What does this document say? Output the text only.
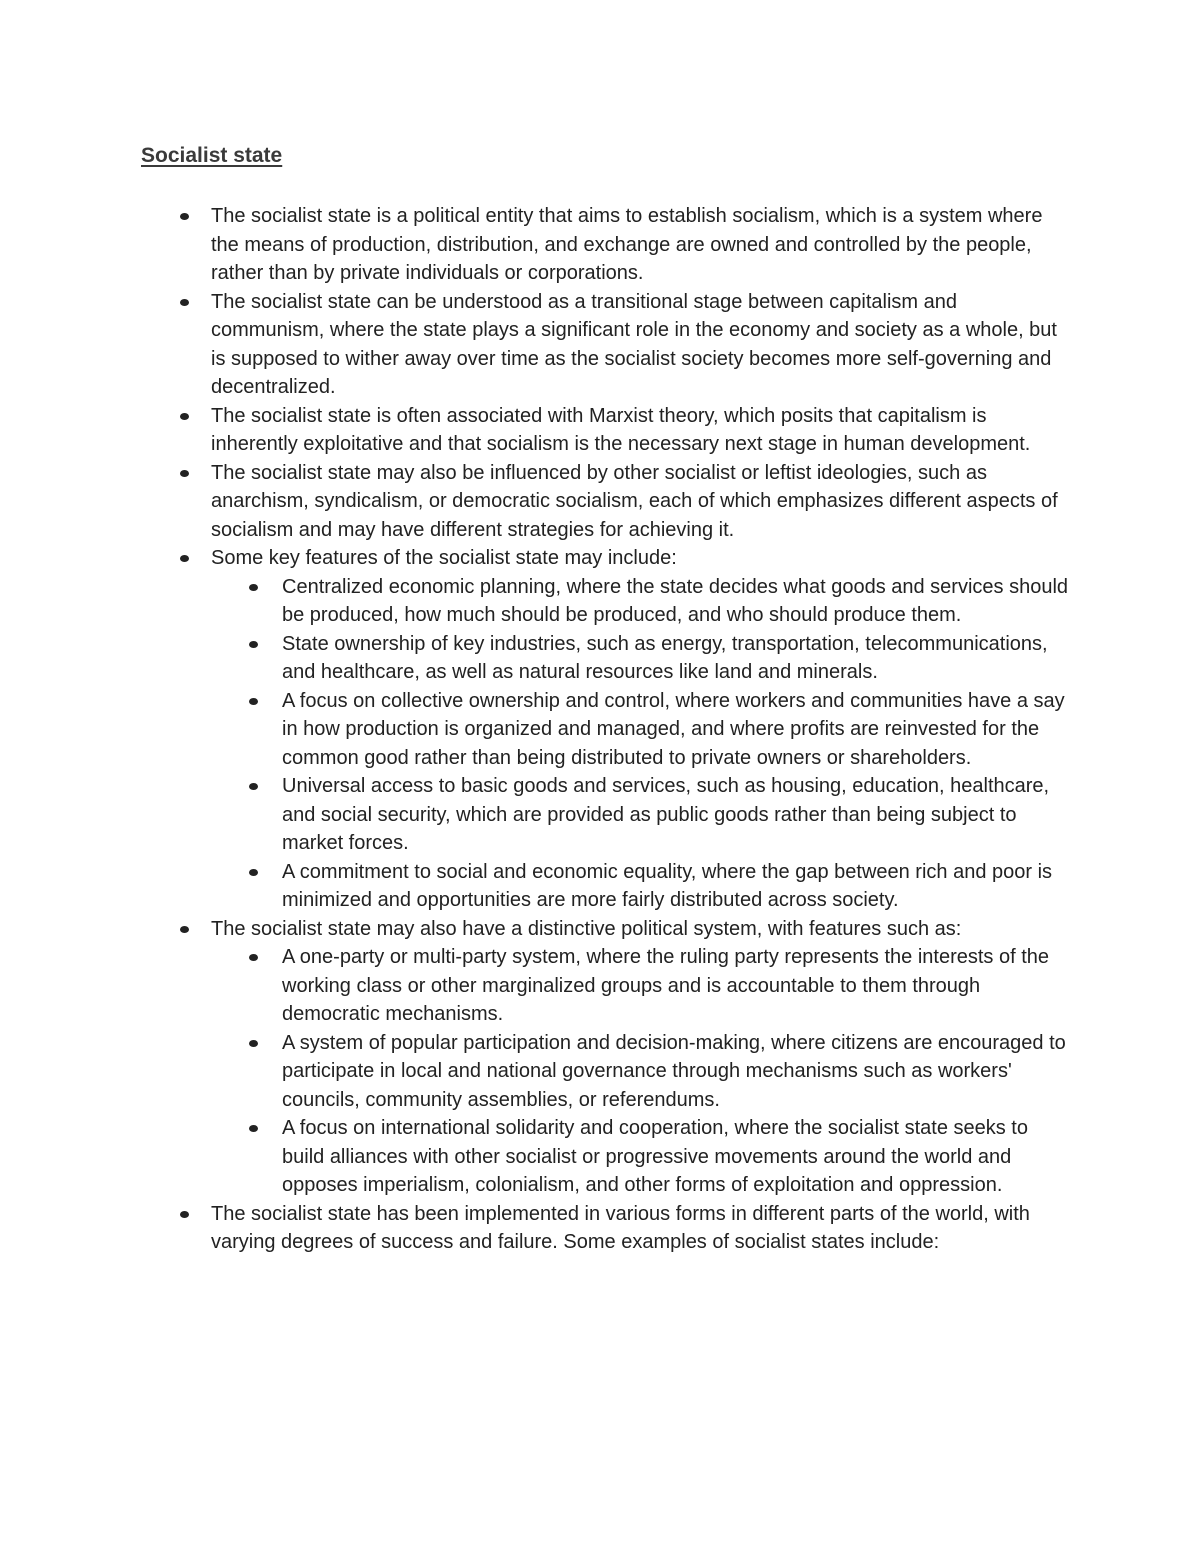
Socialist state
The socialist state is a political entity that aims to establish socialism, which is a system where the means of production, distribution, and exchange are owned and controlled by the people, rather than by private individuals or corporations.
The socialist state can be understood as a transitional stage between capitalism and communism, where the state plays a significant role in the economy and society as a whole, but is supposed to wither away over time as the socialist society becomes more self-governing and decentralized.
The socialist state is often associated with Marxist theory, which posits that capitalism is inherently exploitative and that socialism is the necessary next stage in human development.
The socialist state may also be influenced by other socialist or leftist ideologies, such as anarchism, syndicalism, or democratic socialism, each of which emphasizes different aspects of socialism and may have different strategies for achieving it.
Some key features of the socialist state may include:
Centralized economic planning, where the state decides what goods and services should be produced, how much should be produced, and who should produce them.
State ownership of key industries, such as energy, transportation, telecommunications, and healthcare, as well as natural resources like land and minerals.
A focus on collective ownership and control, where workers and communities have a say in how production is organized and managed, and where profits are reinvested for the common good rather than being distributed to private owners or shareholders.
Universal access to basic goods and services, such as housing, education, healthcare, and social security, which are provided as public goods rather than being subject to market forces.
A commitment to social and economic equality, where the gap between rich and poor is minimized and opportunities are more fairly distributed across society.
The socialist state may also have a distinctive political system, with features such as:
A one-party or multi-party system, where the ruling party represents the interests of the working class or other marginalized groups and is accountable to them through democratic mechanisms.
A system of popular participation and decision-making, where citizens are encouraged to participate in local and national governance through mechanisms such as workers' councils, community assemblies, or referendums.
A focus on international solidarity and cooperation, where the socialist state seeks to build alliances with other socialist or progressive movements around the world and opposes imperialism, colonialism, and other forms of exploitation and oppression.
The socialist state has been implemented in various forms in different parts of the world, with varying degrees of success and failure. Some examples of socialist states include:
